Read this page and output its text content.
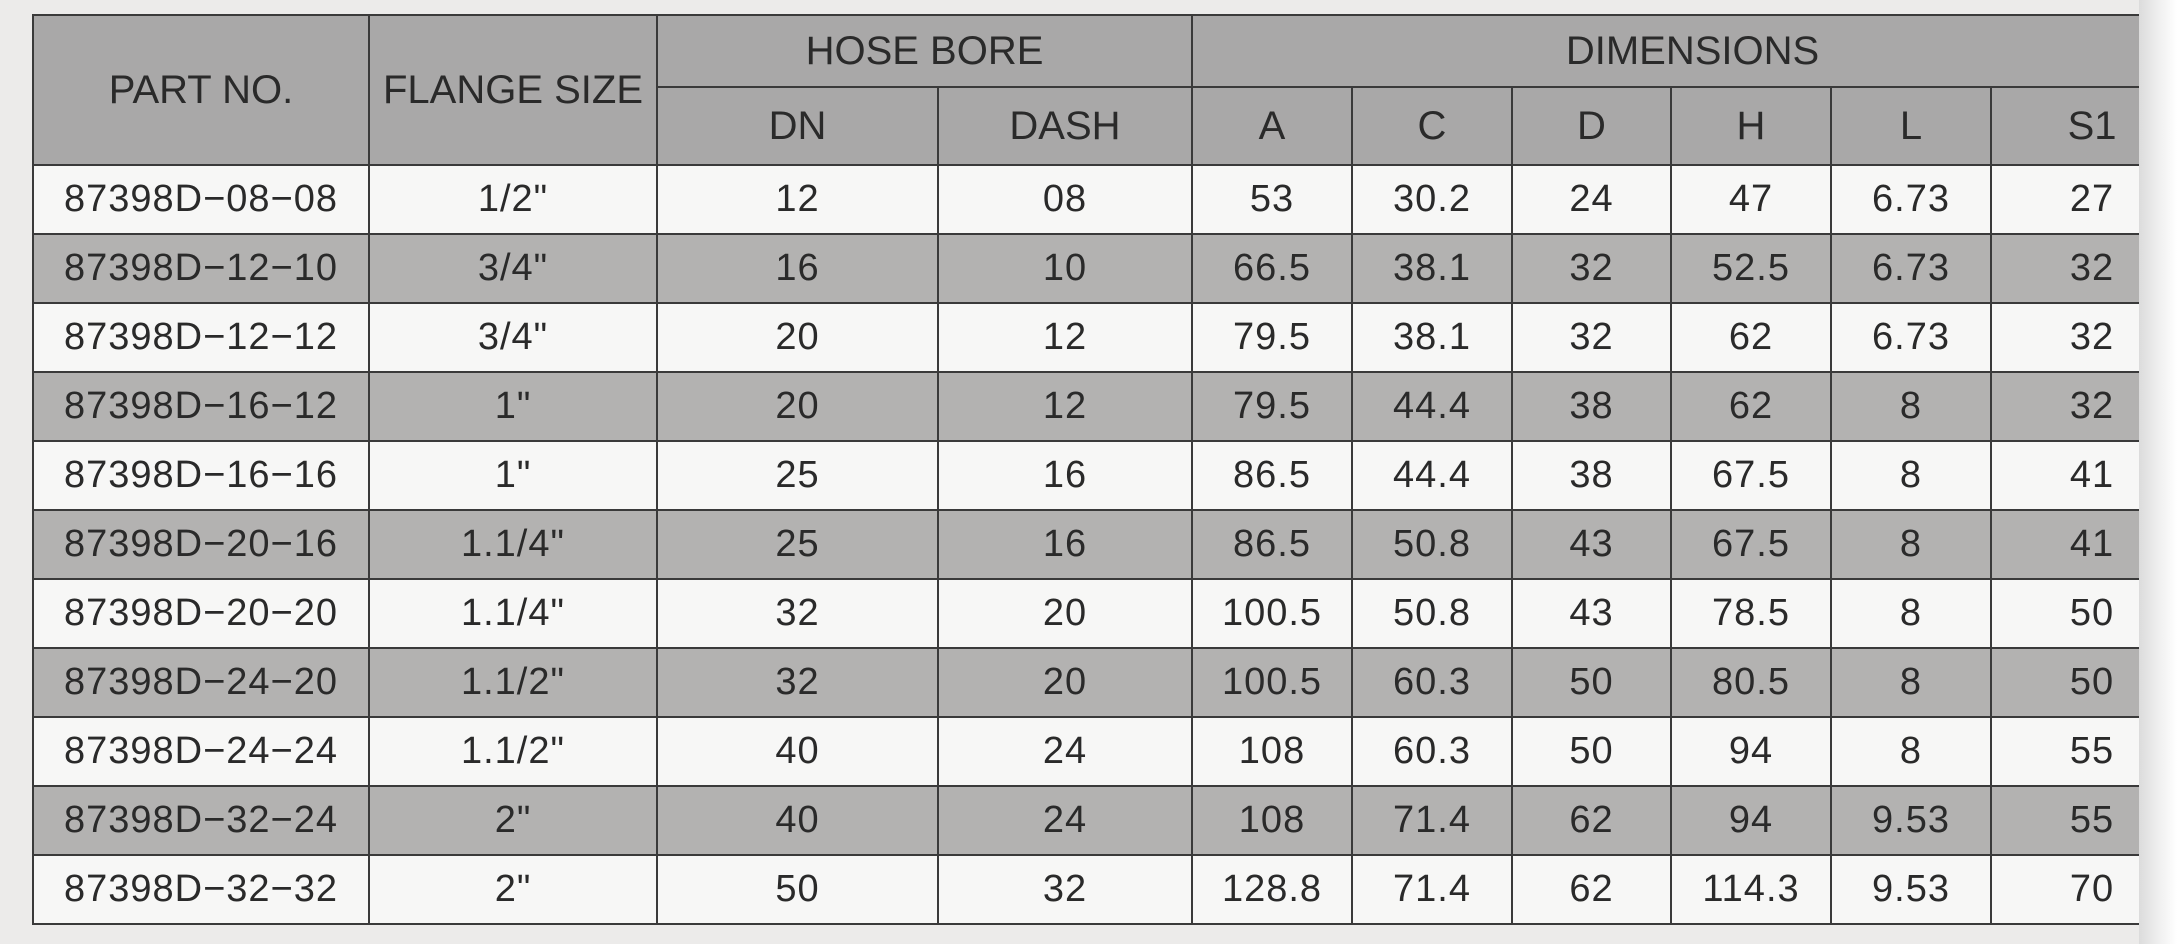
PART NO.	FLANGE SIZE	HOSE BORE		DIMENSIONS					
		DN	DASH	A	C	D	H	L	S1
87398D−08−08	1/2"	12	08	53	30.2	24	47	6.73	27
87398D−12−10	3/4"	16	10	66.5	38.1	32	52.5	6.73	32
87398D−12−12	3/4"	20	12	79.5	38.1	32	62	6.73	32
87398D−16−12	1"	20	12	79.5	44.4	38	62	8	32
87398D−16−16	1"	25	16	86.5	44.4	38	67.5	8	41
87398D−20−16	1.1/4"	25	16	86.5	50.8	43	67.5	8	41
87398D−20−20	1.1/4"	32	20	100.5	50.8	43	78.5	8	50
87398D−24−20	1.1/2"	32	20	100.5	60.3	50	80.5	8	50
87398D−24−24	1.1/2"	40	24	108	60.3	50	94	8	55
87398D−32−24	2"	40	24	108	71.4	62	94	9.53	55
87398D−32−32	2"	50	32	128.8	71.4	62	114.3	9.53	70
